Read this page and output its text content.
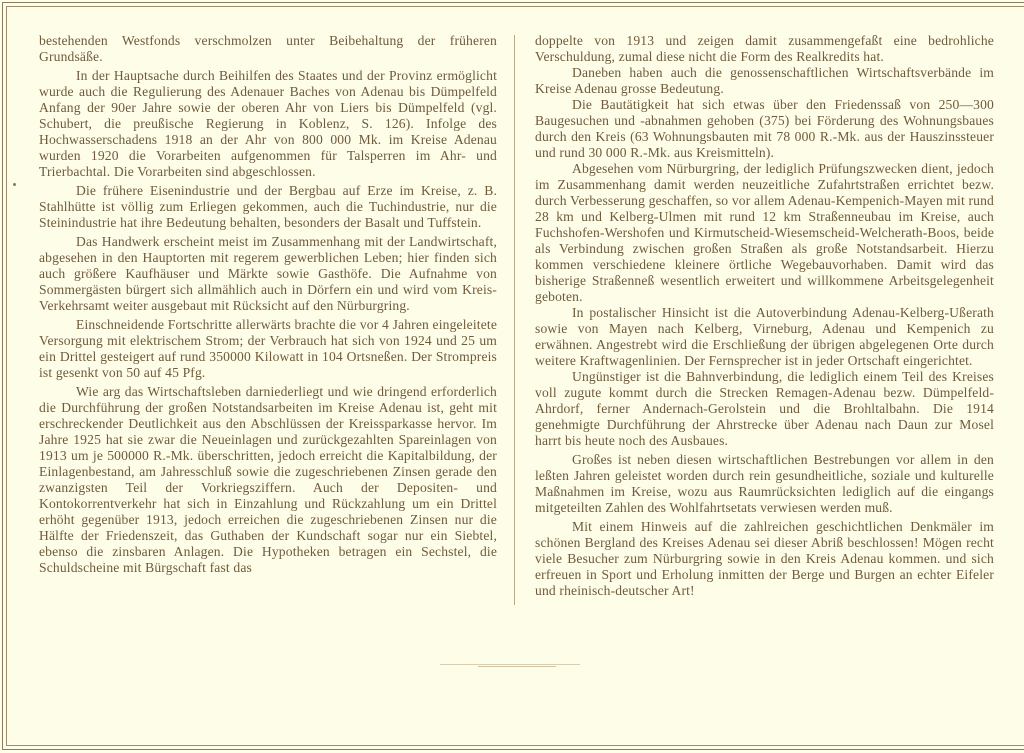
bestehenden Westfonds verschmolzen unter Beibehaltung der früheren Grundsäße.

In der Hauptsache durch Beihilfen des Staates und der Provinz ermöglicht wurde auch die Regulierung des Adenauer Baches von Adenau bis Dümpelfeld Anfang der 90er Jahre sowie der oberen Ahr von Liers bis Dümpelfeld (vgl. Schubert, die preußische Regierung in Koblenz, S. 126). Infolge des Hochwasserschadens 1918 an der Ahr von 800 000 Mk. im Kreise Adenau wurden 1920 die Vorarbeiten aufgenommen für Talsperren im Ahr- und Trierbachtal. Die Vorarbeiten sind abgeschlossen.

Die frühere Eisenindustrie und der Bergbau auf Erze im Kreise, z. B. Stahlhütte ist völlig zum Erliegen gekommen, auch die Tuchindustrie, nur die Steinindustrie hat ihre Bedeutung behalten, besonders der Basalt und Tuffstein.

Das Handwerk erscheint meist im Zusammenhang mit der Landwirtschaft, abgesehen in den Hauptorten mit regerem gewerblichen Leben; hier finden sich auch größere Kaufhäuser und Märkte sowie Gasthöfe. Die Aufnahme von Sommergästen bürgert sich allmählich auch in Dörfern ein und wird vom Kreis-Verkehrsamt weiter ausgebaut mit Rücksicht auf den Nürburgring.

Einschneidende Fortschritte allerwärts brachte die vor 4 Jahren eingeleitete Versorgung mit elektrischem Strom; der Verbrauch hat sich von 1924 und 25 um ein Drittel gesteigert auf rund 350000 Kilowatt in 104 Ortsneßen. Der Strompreis ist gesenkt von 50 auf 45 Pfg.

Wie arg das Wirtschaftsleben darniederliegt und wie dringend erforderlich die Durchführung der großen Notstandsarbeiten im Kreise Adenau ist, geht mit erschreckender Deutlichkeit aus den Abschlüssen der Kreissparkasse hervor. Im Jahre 1925 hat sie zwar die Neueinlagen und zurückgezahlten Spareinlagen von 1913 um je 500000 R.-Mk. überschritten, jedoch erreicht die Kapitalbildung, der Einlagenbestand, am Jahresschluß sowie die zugeschriebenen Zinsen gerade den zwanzigsten Teil der Vorkriegsziffern. Auch der Depositen- und Kontokorrentverkehr hat sich in Einzahlung und Rückzahlung um ein Drittel erhöht gegenüber 1913, jedoch erreichen die zugeschriebenen Zinsen nur die Hälfte der Friedenszeit, das Guthaben der Kundschaft sogar nur ein Siebtel, ebenso die zinsbaren Anlagen. Die Hypotheken betragen ein Sechstel, die Schuldscheine mit Bürgschaft fast das

doppelte von 1913 und zeigen damit zusammengefaßt eine bedrohliche Verschuldung, zumal diese nicht die Form des Realkredits hat.

Daneben haben auch die genossenschaftlichen Wirtschaftsverbände im Kreise Adenau grosse Bedeutung.

Die Bautätigkeit hat sich etwas über den Friedenssaß von 250—300 Baugesuchen und -abnahmen gehoben (375) bei Förderung des Wohnungsbaues durch den Kreis (63 Wohnungsbauten mit 78 000 R.-Mk. aus der Hauszinssteuer und rund 30 000 R.-Mk. aus Kreismitteln).

Abgesehen vom Nürburgring, der lediglich Prüfungszwecken dient, jedoch im Zusammenhang damit werden neuzeitliche Zufahrtstraßen errichtet bezw. durch Verbesserung geschaffen, so vor allem Adenau-Kempenich-Mayen mit rund 28 km und Kelberg-Ulmen mit rund 12 km Straßenneubau im Kreise, auch Fuchshofen-Wershofen und Kirmutscheid-Wiesemscheid-Welcherath-Boos, beide als Verbindung zwischen großen Straßen als große Notstandsarbeit. Hierzu kommen verschiedene kleinere örtliche Wegebauvorhaben. Damit wird das bisherige Straßenneß wesentlich erweitert und willkommene Arbeitsgelegenheit geboten.

In postalischer Hinsicht ist die Autoverbindung Adenau-Kelberg-Ußerath sowie von Mayen nach Kelberg, Virneburg, Adenau und Kempenich zu erwähnen. Angestrebt wird die Erschließung der übrigen abgelegenen Orte durch weitere Kraftwagenlinien. Der Fernsprecher ist in jeder Ortschaft eingerichtet.

Ungünstiger ist die Bahnverbindung, die lediglich einem Teil des Kreises voll zugute kommt durch die Strecken Remagen-Adenau bezw. Dümpelfeld-Ahrdorf, ferner Andernach-Gerolstein und die Brohltalbahn. Die 1914 genehmigte Durchführung der Ahrstrecke über Adenau nach Daun zur Mosel harrt bis heute noch des Ausbaues.

Großes ist neben diesen wirtschaftlichen Bestrebungen vor allem in den leßten Jahren geleistet worden durch rein gesundheitliche, soziale und kulturelle Maßnahmen im Kreise, wozu aus Raumrücksichten lediglich auf die eingangs mitgeteilten Zahlen des Wohlfahrtsetats verwiesen werden muß.

Mit einem Hinweis auf die zahlreichen geschichtlichen Denkmäler im schönen Bergland des Kreises Adenau sei dieser Abriß beschlossen! Mögen recht viele Besucher zum Nürburgring sowie in den Kreis Adenau kommen. und sich erfreuen in Sport und Erholung inmitten der Berge und Burgen an echter Eifeler und rheinisch-deutscher Art!
